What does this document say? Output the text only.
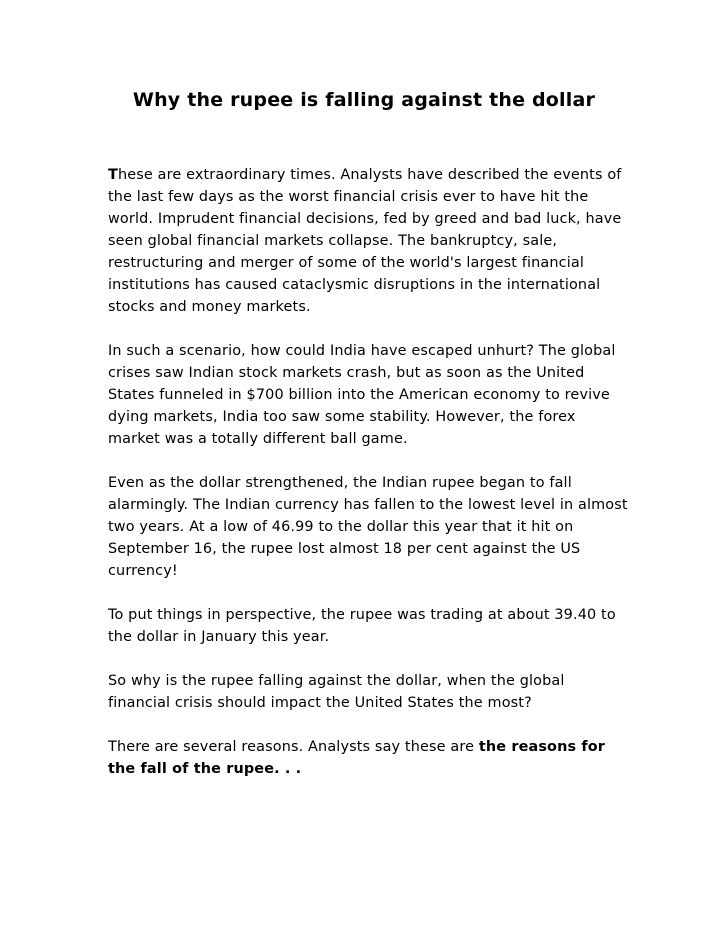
Why the rupee is falling against the dollar

These are extraordinary times. Analysts have described the events of the last few days as the worst financial crisis ever to have hit the world. Imprudent financial decisions, fed by greed and bad luck, have seen global financial markets collapse. The bankruptcy, sale, restructuring and merger of some of the world's largest financial institutions has caused cataclysmic disruptions in the international stocks and money markets.

In such a scenario, how could India have escaped unhurt? The global crises saw Indian stock markets crash, but as soon as the United States funneled in $700 billion into the American economy to revive dying markets, India too saw some stability. However, the forex market was a totally different ball game.

Even as the dollar strengthened, the Indian rupee began to fall alarmingly. The Indian currency has fallen to the lowest level in almost two years. At a low of 46.99 to the dollar this year that it hit on September 16, the rupee lost almost 18 per cent against the US currency!

To put things in perspective, the rupee was trading at about 39.40 to the dollar in January this year.

So why is the rupee falling against the dollar, when the global financial crisis should impact the United States the most?

There are several reasons. Analysts say these are the reasons for the fall of the rupee. . .
